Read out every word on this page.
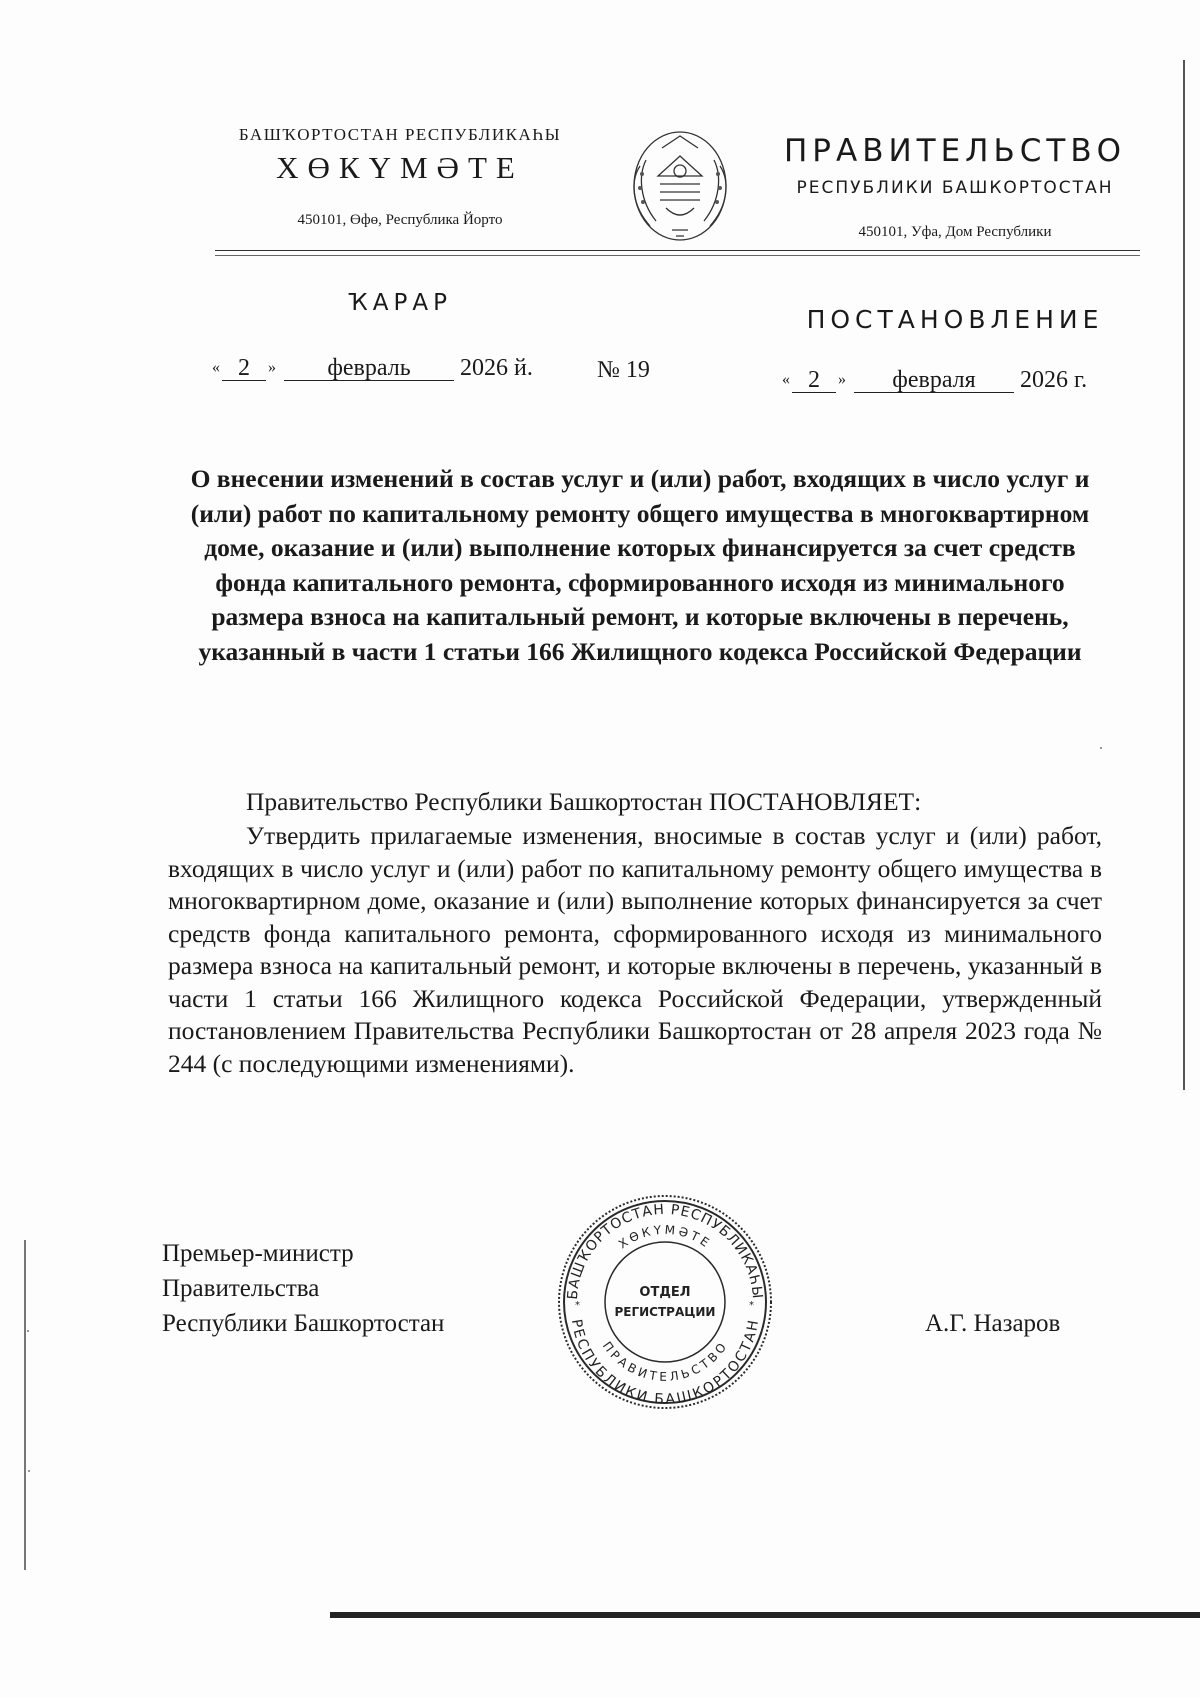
БАШҠОРТОСТАН РЕСПУБЛИКАҺЫ
ХӨКҮМӘТЕ
450101, Өфө, Республика Йорто
ПРАВИТЕЛЬСТВО
РЕСПУБЛИКИ БАШКОРТОСТАН
450101, Уфа, Дом Республики
ҠАРАР
ПОСТАНОВЛЕНИЕ
« 2 » февраль 2026 й.	№ 19	« 2 » февраля 2026 г.
О внесении изменений в состав услуг и (или) работ, входящих в число услуг и (или) работ по капитальному ремонту общего имущества в многоквартирном доме, оказание и (или) выполнение которых финансируется за счет средств фонда капитального ремонта, сформированного исходя из минимального размера взноса на капитальный ремонт, и которые включены в перечень, указанный в части 1 статьи 166 Жилищного кодекса Российской Федерации
Правительство Республики Башкортостан ПОСТАНОВЛЯЕТ:
Утвердить прилагаемые изменения, вносимые в состав услуг и (или) работ, входящих в число услуг и (или) работ по капитальному ремонту общего имущества в многоквартирном доме, оказание и (или) выполнение которых финансируется за счет средств фонда капитального ремонта, сформированного исходя из минимального размера взноса на капитальный ремонт, и которые включены в перечень, указанный в части 1 статьи 166 Жилищного кодекса Российской Федерации, утвержденный постановлением Правительства Республики Башкортостан от 28 апреля 2023 года № 244 (с последующими изменениями).
Премьер-министр
Правительства
Республики Башкортостан	А.Г. Назаров
БАШҠОРТОСТАН РЕСПУБЛИКАҺЫ
ХӨКҮМӘТЕ
РЕСПУБЛИКИ БАШКОРТОСТАН
ПРАВИТЕЛЬСТВО
ОТДЕЛ
РЕГИСТРАЦИИ
*	*
